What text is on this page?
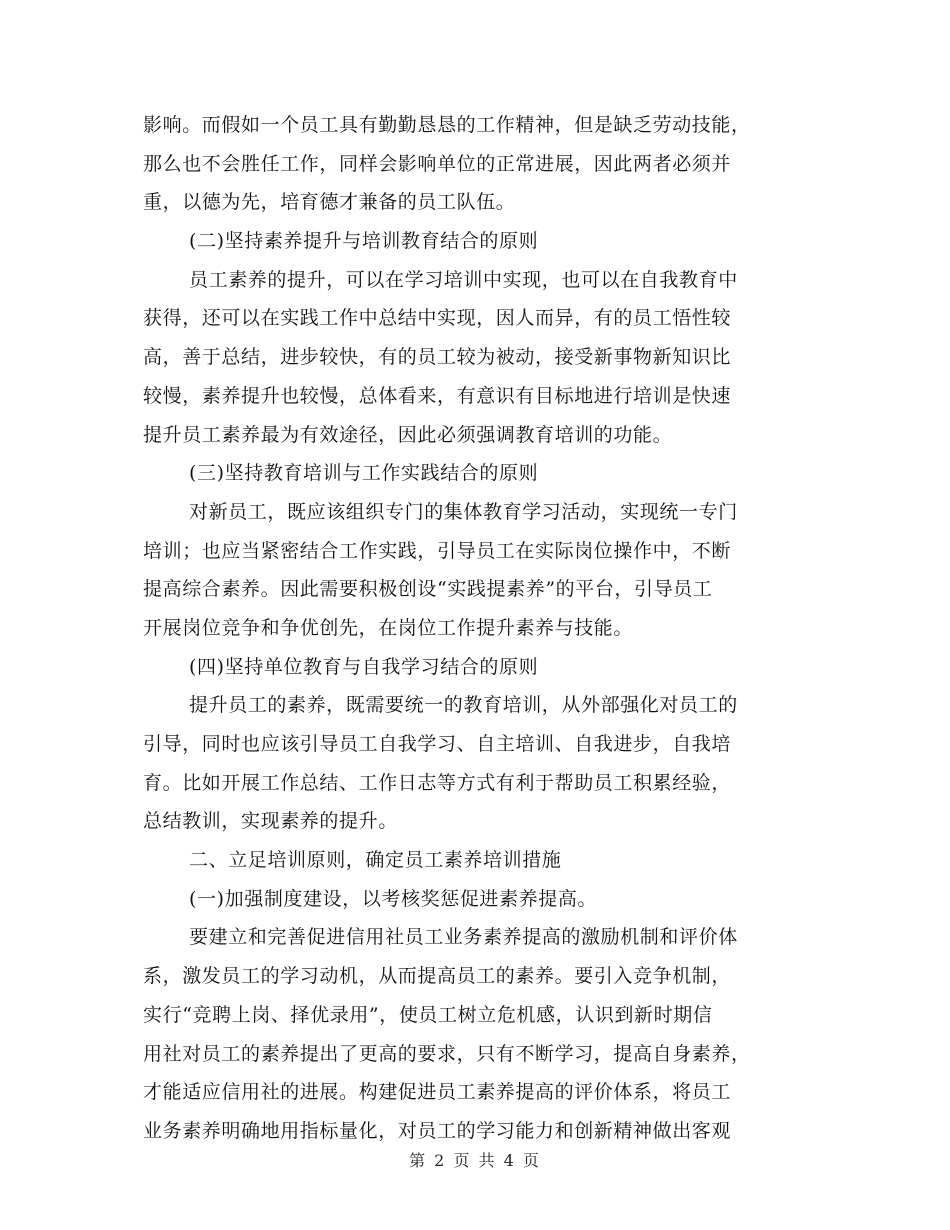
影响。而假如一个员工具有勤勤恳恳的工作精神，但是缺乏劳动技能，
那么也不会胜任工作，同样会影响单位的正常进展，因此两者必须并
重，以德为先，培育德才兼备的员工队伍。
(二)坚持素养提升与培训教育结合的原则
员工素养的提升，可以在学习培训中实现，也可以在自我教育中
获得，还可以在实践工作中总结中实现，因人而异，有的员工悟性较
高，善于总结，进步较快，有的员工较为被动，接受新事物新知识比
较慢，素养提升也较慢，总体看来，有意识有目标地进行培训是快速
提升员工素养最为有效途径，因此必须强调教育培训的功能。
(三)坚持教育培训与工作实践结合的原则
对新员工，既应该组织专门的集体教育学习活动，实现统一专门
培训；也应当紧密结合工作实践，引导员工在实际岗位操作中，不断
提高综合素养。因此需要积极创设“实践提素养”的平台，引导员工
开展岗位竞争和争优创先，在岗位工作提升素养与技能。
(四)坚持单位教育与自我学习结合的原则
提升员工的素养，既需要统一的教育培训，从外部强化对员工的
引导，同时也应该引导员工自我学习、自主培训、自我进步，自我培
育。比如开展工作总结、工作日志等方式有利于帮助员工积累经验，
总结教训，实现素养的提升。
二、立足培训原则，确定员工素养培训措施
(一)加强制度建设，以考核奖惩促进素养提高。
要建立和完善促进信用社员工业务素养提高的激励机制和评价体
系，激发员工的学习动机，从而提高员工的素养。要引入竞争机制，
实行“竞聘上岗、择优录用”，使员工树立危机感，认识到新时期信
用社对员工的素养提出了更高的要求，只有不断学习，提高自身素养，
才能适应信用社的进展。构建促进员工素养提高的评价体系，将员工
业务素养明确地用指标量化，对员工的学习能力和创新精神做出客观
第 2 页 共 4 页
